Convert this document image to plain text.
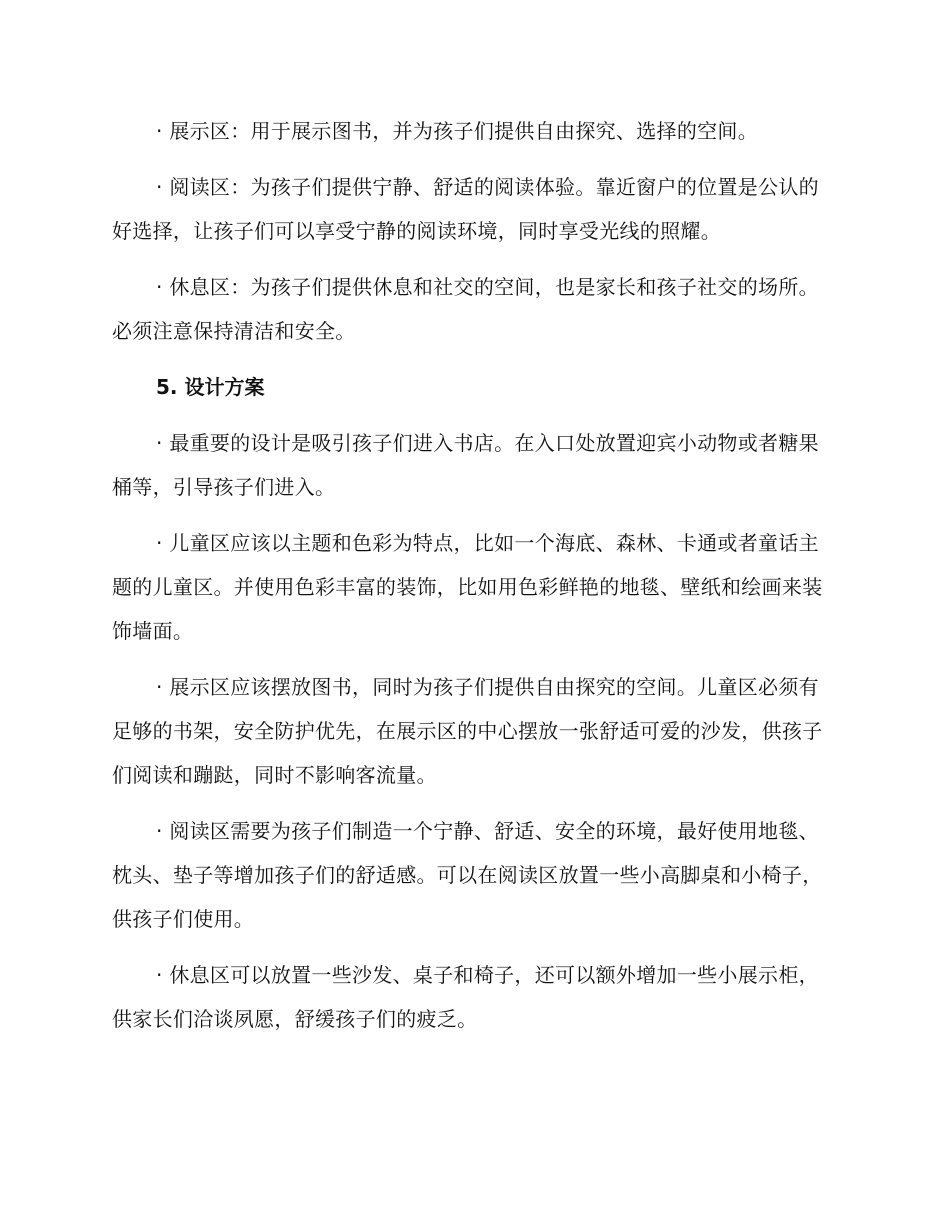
· 展示区：用于展示图书，并为孩子们提供自由探究、选择的空间。

· 阅读区：为孩子们提供宁静、舒适的阅读体验。靠近窗户的位置是公认的好选择，让孩子们可以享受宁静的阅读环境，同时享受光线的照耀。

· 休息区：为孩子们提供休息和社交的空间，也是家长和孩子社交的场所。必须注意保持清洁和安全。

5. 设计方案

· 最重要的设计是吸引孩子们进入书店。在入口处放置迎宾小动物或者糖果桶等，引导孩子们进入。

· 儿童区应该以主题和色彩为特点，比如一个海底、森林、卡通或者童话主题的儿童区。并使用色彩丰富的装饰，比如用色彩鲜艳的地毯、壁纸和绘画来装饰墙面。

· 展示区应该摆放图书，同时为孩子们提供自由探究的空间。儿童区必须有足够的书架，安全防护优先，在展示区的中心摆放一张舒适可爱的沙发，供孩子们阅读和蹦跶，同时不影响客流量。

· 阅读区需要为孩子们制造一个宁静、舒适、安全的环境，最好使用地毯、枕头、垫子等增加孩子们的舒适感。可以在阅读区放置一些小高脚桌和小椅子，供孩子们使用。

· 休息区可以放置一些沙发、桌子和椅子，还可以额外增加一些小展示柜，供家长们洽谈夙愿，舒缓孩子们的疲乏。
